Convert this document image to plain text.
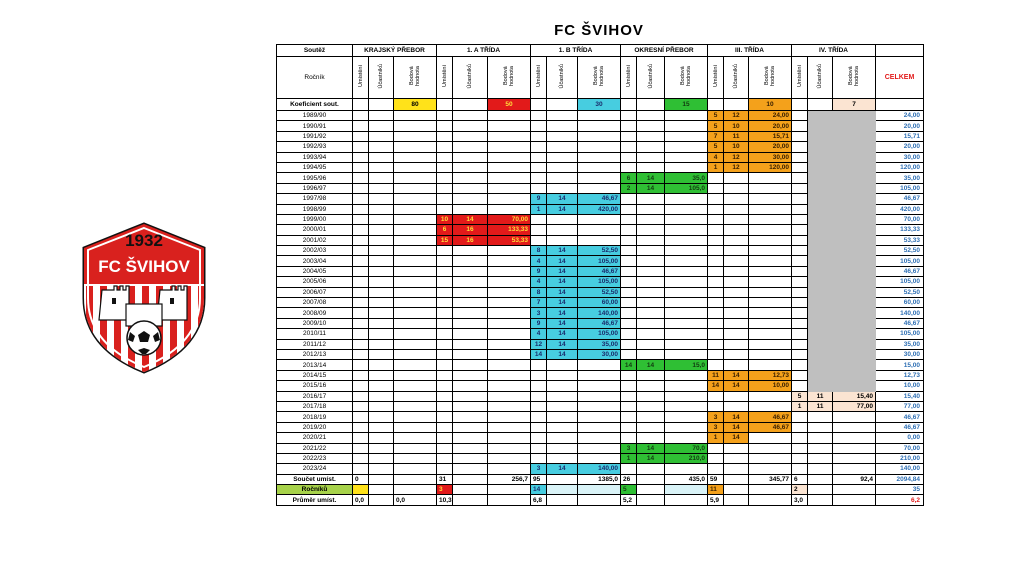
FC ŠVIHOV
1932
FC ŠVIHOV
Soutěž	KRAJSKÝ PŘEBOR			1. A TŘÍDA			1. B TŘÍDA			OKRESNÍ PŘEBOR			III. TŘÍDA			IV. TŘÍDA			
Ročník	Umístění	Účastníků	Bodová hodnota	Umístění	Účastníků	Bodová hodnota	Umístění	Účastníků	Bodová hodnota	Umístění	Účastníků	Bodová hodnota	Umístění	Účastníků	Bodová hodnota	Umístění	Účastníků	Bodová hodnota	CELKEM
Koeficient sout.			80			50			30			15			10			7	
1989/90													5	12	24,00				24,00
1990/91													5	10	20,00				20,00
1991/92													7	11	15,71				15,71
1992/93													5	10	20,00				20,00
1993/94													4	12	30,00				30,00
1994/95													1	12	120,00				120,00
1995/96										6	14	35,0							35,00
1996/97										2	14	105,0							105,00
1997/98							9	14	46,67										46,67
1998/99							1	14	420,00										420,00
1999/00				10	14	70,00													70,00
2000/01				6	16	133,33													133,33
2001/02				15	16	53,33													53,33
2002/03							8	14	52,50										52,50
2003/04							4	14	105,00										105,00
2004/05							9	14	46,67										46,67
2005/06							4	14	105,00										105,00
2006/07							8	14	52,50										52,50
2007/08							7	14	60,00										60,00
2008/09							3	14	140,00										140,00
2009/10							9	14	46,67										46,67
2010/11							4	14	105,00										105,00
2011/12							12	14	35,00										35,00
2012/13							14	14	30,00										30,00
2013/14										14	14	15,0							15,00
2014/15													11	14	12,73				12,73
2015/16													14	14	10,00				10,00
2016/17																5	11	15,40	15,40
2017/18																1	11	77,00	77,00
2018/19													3	14	46,67				46,67
2019/20													3	14	46,67				46,67
2020/21													1	14					0,00
2021/22										3	14	70,0							70,00
2022/23										1	14	210,0							210,00
2023/24							3	14	140,00										140,00
Součet umíst.	0			31		256,7	95		1385,0	26		435,0	59		345,77	6		92,4	2094,84
Ročníků				3			14			5			11			2			35
Průměr umíst.	0,0		0,0	10,3			6,8			5,2			5,9			3,0			6,2
